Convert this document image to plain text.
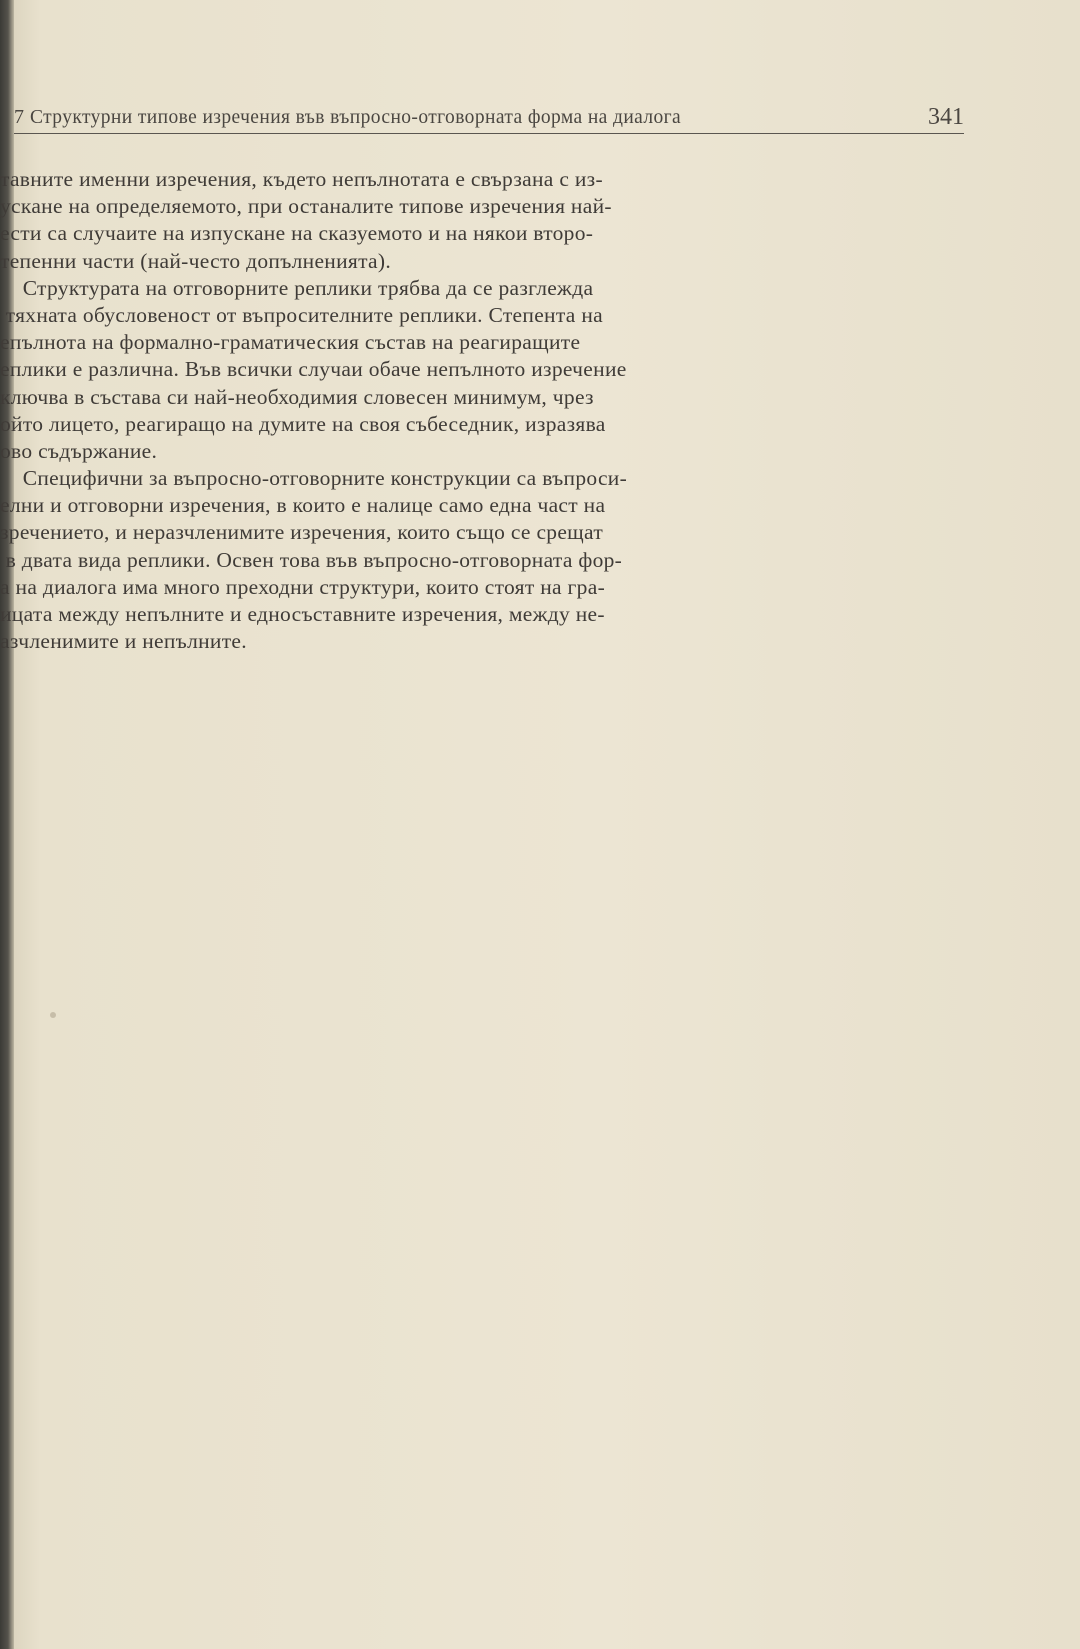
7 Структурни типове изречения във въпросно-отговорната форма на диалога	341
тавните именни изречения, където непълнотата е свързана с из-
ускане на определяемото, при останалите типове изречения най-
ести са случаите на изпускане на сказуемото и на някои второ-
тепенни части (най-често допълненията).
Структурата на отговорните реплики трябва да се разглежда
тяхната обусловеност от въпросителните реплики. Степента на
епълнота на формално-граматическия състав на реагиращите
еплики е различна. Във всички случаи обаче непълното изречение
ключва в състава си най-необходимия словесен минимум, чрез
ойто лицето, реагиращо на думите на своя събеседник, изразява
ово съдържание.
Специфични за въпросно-отговорните конструкции са въпроси-
елни и отговорни изречения, в които е налице само една част на
зречението, и неразчленимите изречения, които също се срещат
в двата вида реплики. Освен това във въпросно-отговорната фор-
а на диалога има много преходни структури, които стоят на гра-
ицата между непълните и едносъставните изречения, между не-
азчленимите и непълните.
